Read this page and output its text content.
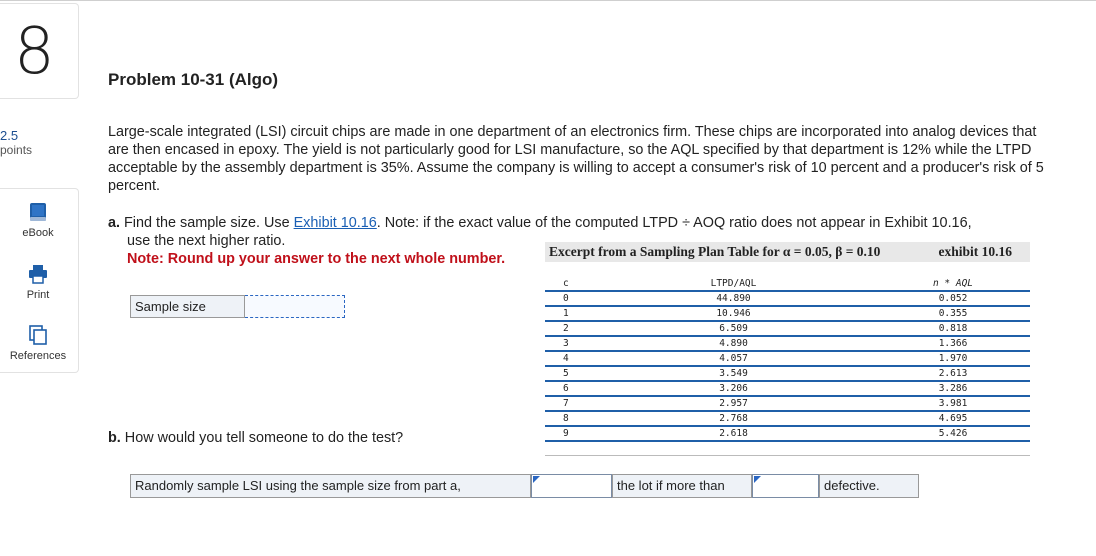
8
2.5
points
eBook
Print
References
Problem 10-31 (Algo)
Large-scale integrated (LSI) circuit chips are made in one department of an electronics firm. These chips are incorporated into analog devices that are then encased in epoxy. The yield is not particularly good for LSI manufacture, so the AQL specified by that department is 12% while the LTPD acceptable by the assembly department is 35%. Assume the company is willing to accept a consumer's risk of 10 percent and a producer's risk of 5 percent.
a. Find the sample size. Use Exhibit 10.16. Note: if the exact value of the computed LTPD ÷ AOQ ratio does not appear in Exhibit 10.16,
use the next higher ratio.
Note: Round up your answer to the next whole number.
Sample size	
b. How would you tell someone to do the test?
Randomly sample LSI using the sample size from part a,	the lot if more than	defective.
Excerpt from a Sampling Plan Table for α = 0.05, β = 0.10	exhibit 10.16
c	LTPD/AQL	n * AQL
0	44.890	0.052
1	10.946	0.355
2	6.509	0.818
3	4.890	1.366
4	4.057	1.970
5	3.549	2.613
6	3.206	3.286
7	2.957	3.981
8	2.768	4.695
9	2.618	5.426
